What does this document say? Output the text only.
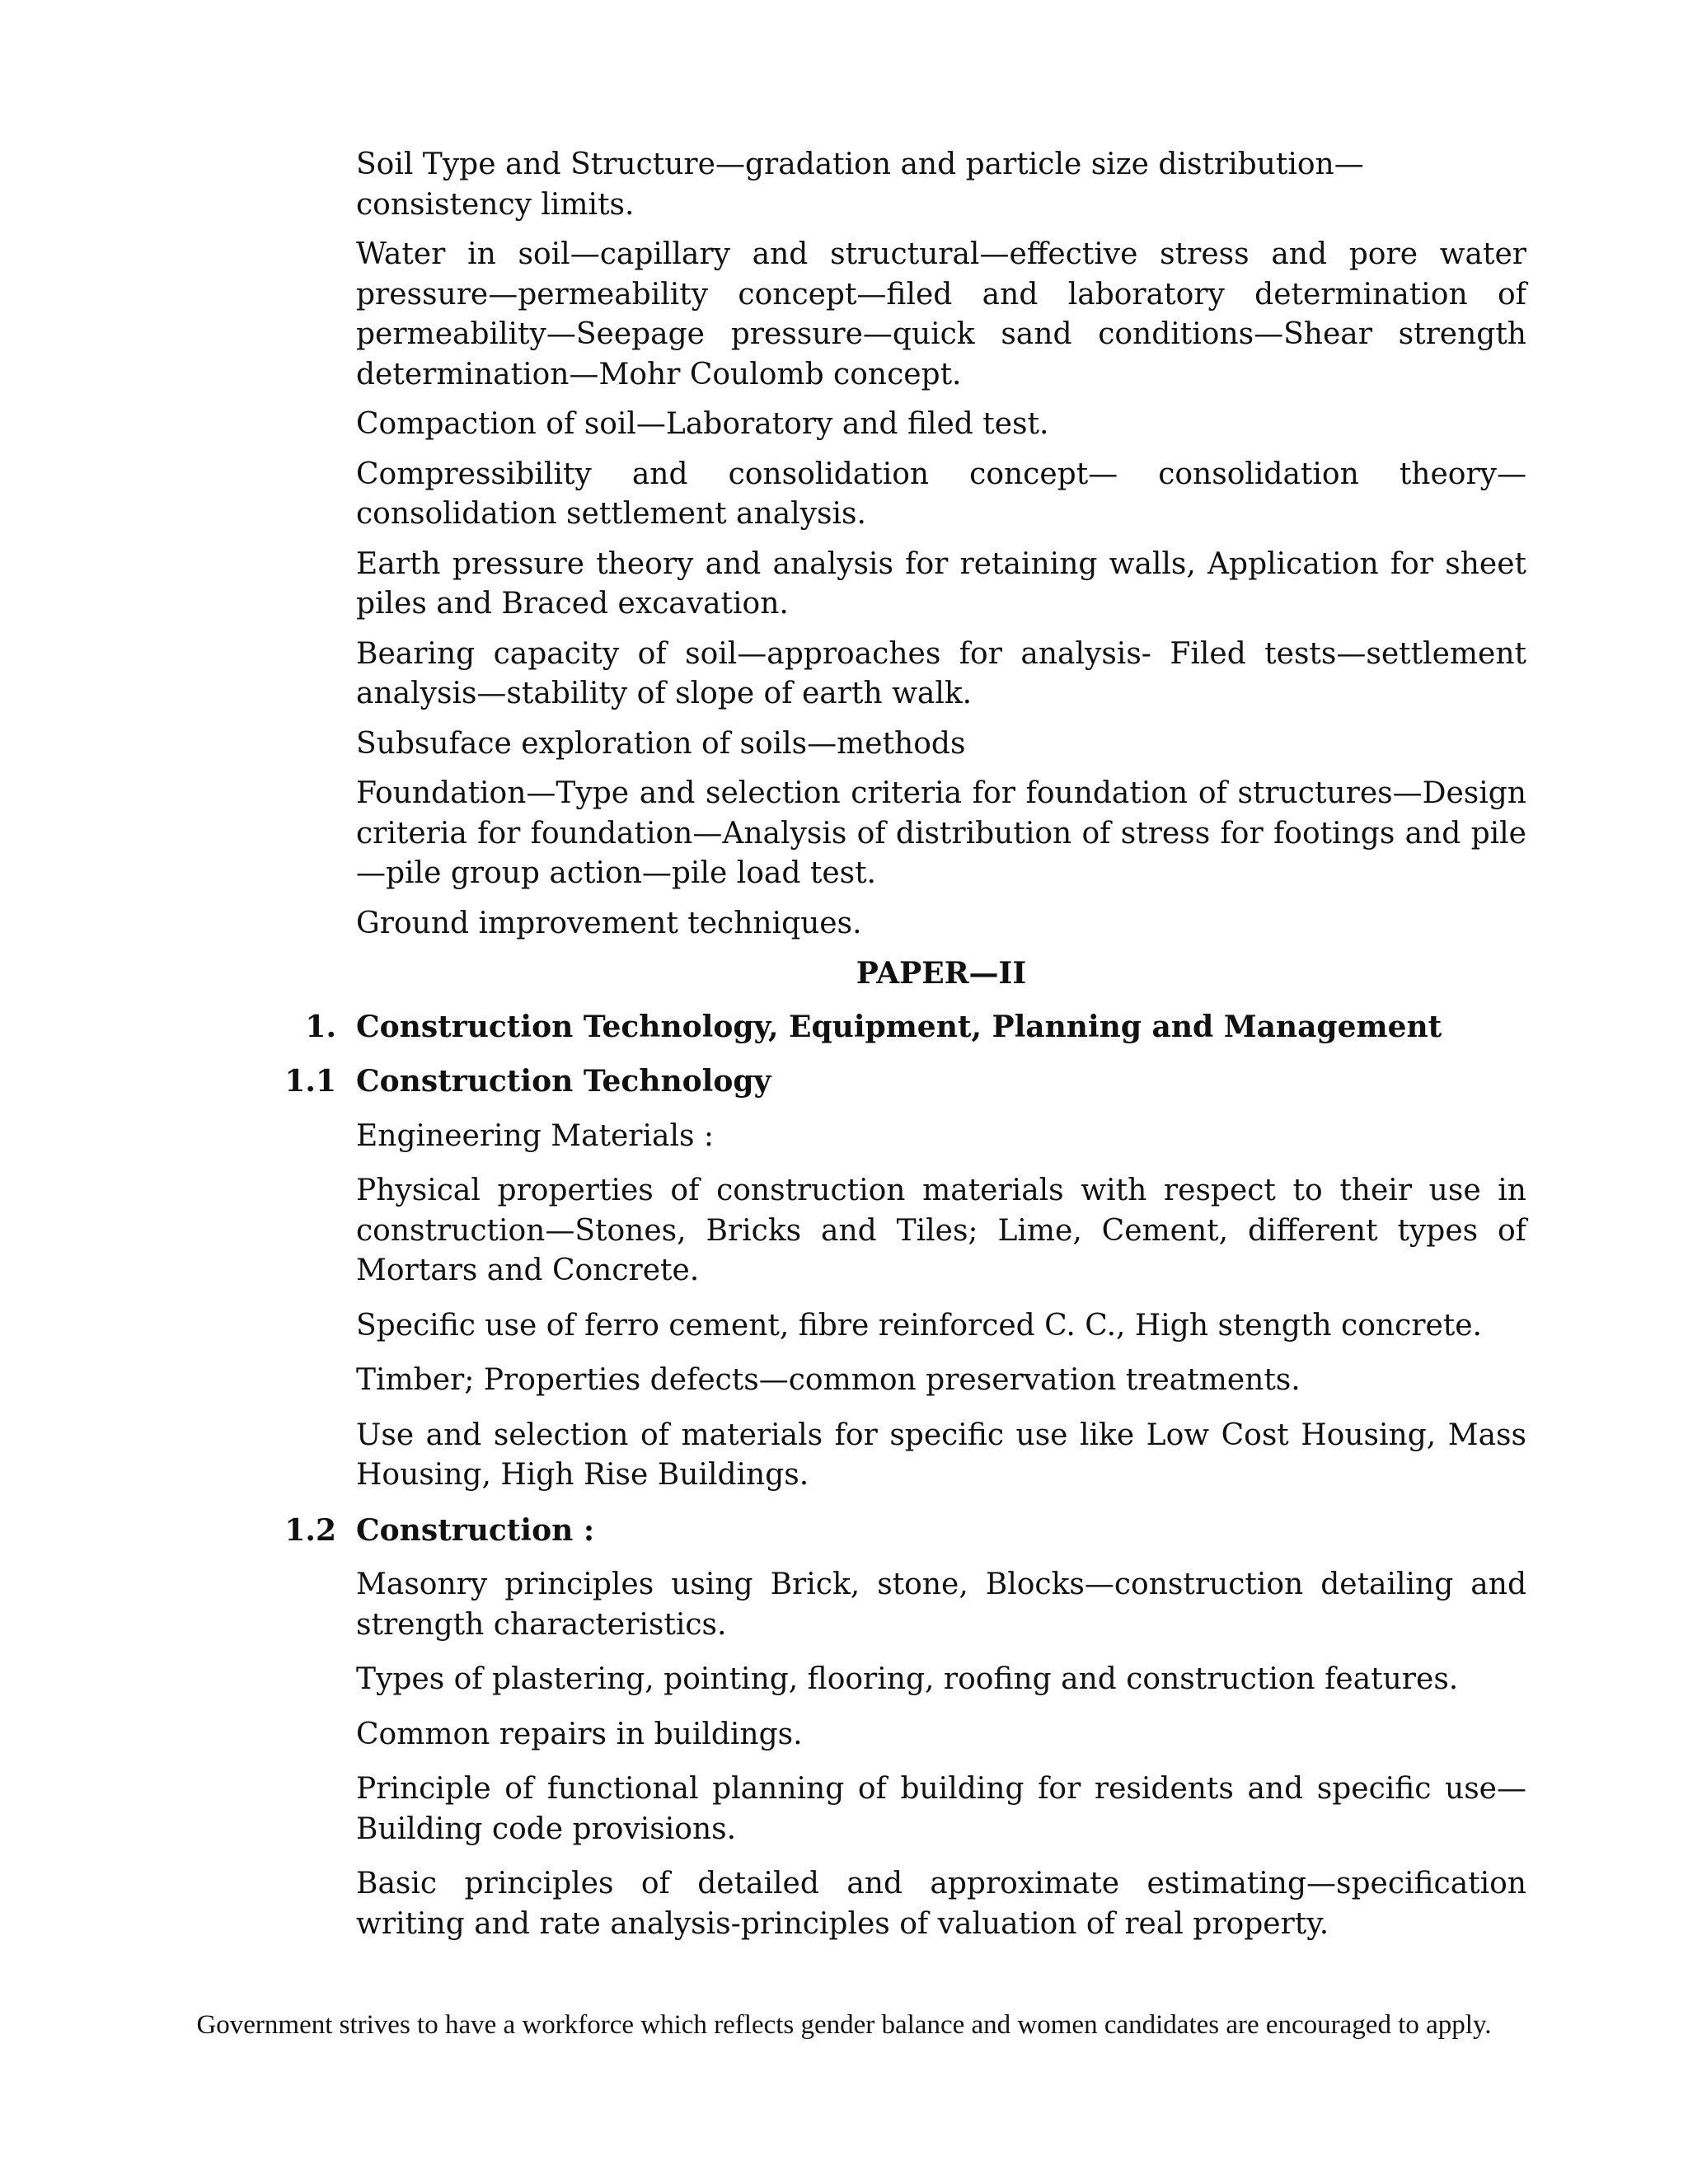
Soil Type and Structure—gradation and particle size distribution—consistency limits.

Water in soil—capillary and structural—effective stress and pore water pressure—permeability concept—filed and laboratory determination of permeability—Seepage pressure—quick sand conditions—Shear strength determination—Mohr Coulomb concept.

Compaction of soil—Laboratory and filed test.

Compressibility and consolidation concept— consolidation theory—consolidation settlement analysis.

Earth pressure theory and analysis for retaining walls, Application for sheet piles and Braced excavation.

Bearing capacity of soil—approaches for analysis- Filed tests—settlement analysis—stability of slope of earth walk.

Subsuface exploration of soils—methods

Foundation—Type and selection criteria for foundation of structures—Design criteria for foundation—Analysis of distribution of stress for footings and pile—pile group action—pile load test.

Ground improvement techniques.

PAPER—II
1. Construction Technology, Equipment, Planning and Management
1.1 Construction Technology

Engineering Materials :

Physical properties of construction materials with respect to their use in construction—Stones, Bricks and Tiles; Lime, Cement, different types of Mortars and Concrete.

Specific use of ferro cement, fibre reinforced C. C., High stength concrete.

Timber; Properties defects—common preservation treatments.

Use and selection of materials for specific use like Low Cost Housing, Mass Housing, High Rise Buildings.

1.2 Construction :

Masonry principles using Brick, stone, Blocks—construction detailing and strength characteristics.

Types of plastering, pointing, flooring, roofing and construction features.

Common repairs in buildings.

Principle of functional planning of building for residents and specific use—Building code provisions.

Basic principles of detailed and approximate estimating—specification writing and rate analysis-principles of valuation of real property.

Government strives to have a workforce which reflects gender balance and women candidates are encouraged to apply.
